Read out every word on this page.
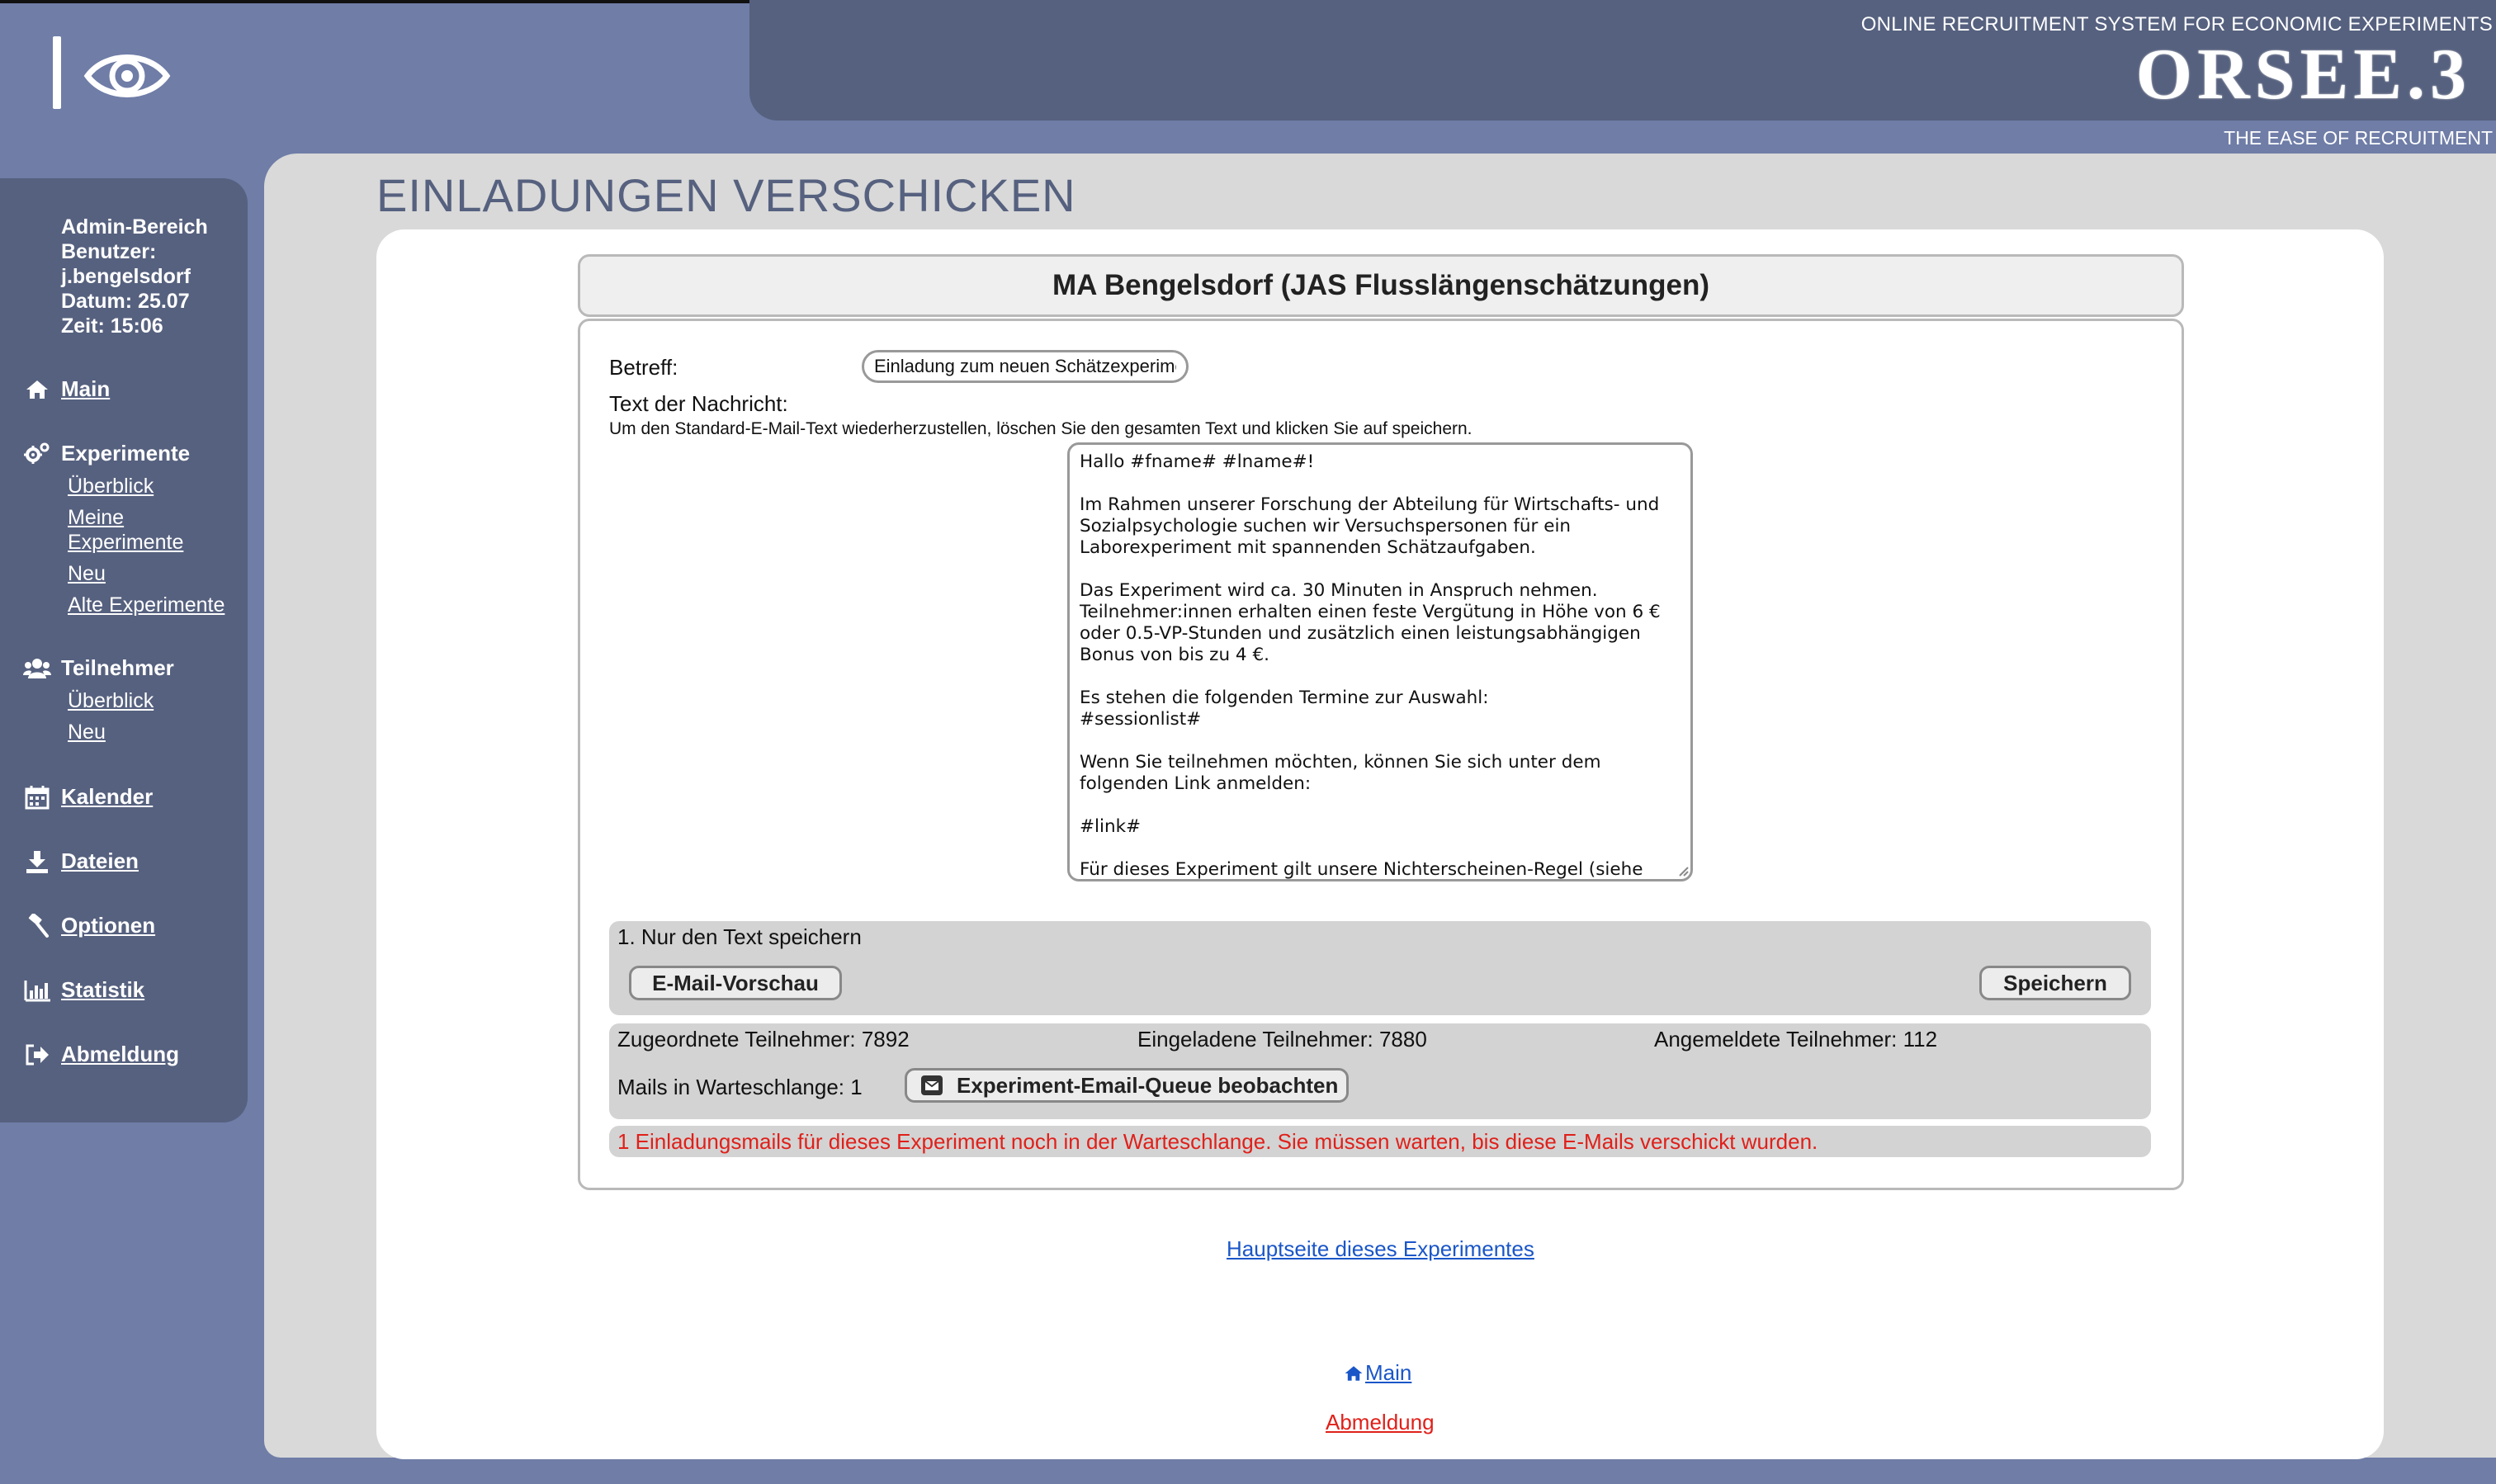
ONLINE RECRUITMENT SYSTEM FOR ECONOMIC EXPERIMENTS
ORSEE.3
THE EASE OF RECRUITMENT
Admin-Bereich
Benutzer:
j.bengelsdorf
Datum: 25.07
Zeit: 15:06
Main
Experimente
Überblick
Meine
Experimente
Neu
Alte Experimente
Teilnehmer
Überblick
Neu
Kalender
Dateien
Optionen
Statistik
Abmeldung
EINLADUNGEN VERSCHICKEN
MA Bengelsdorf (JAS Flusslängenschätzungen)
Betreff:
Einladung zum neuen Schätzexperiment
Text der Nachricht:
Um den Standard-E-Mail-Text wiederherzustellen, löschen Sie den gesamten Text und klicken Sie auf speichern.
Hallo #fname# #lname#! Im Rahmen unserer Forschung der Abteilung für Wirtschafts- und Sozialpsychologie suchen wir Versuchspersonen für ein Laborexperiment mit spannenden Schätzaufgaben. Das Experiment wird ca. 30 Minuten in Anspruch nehmen. Teilnehmer:innen erhalten einen feste Vergütung in Höhe von 6 € oder 0.5-VP-Stunden und zusätzlich einen leistungsabhängigen Bonus von bis zu 4 €. Es stehen die folgenden Termine zur Auswahl: #sessionlist# Wenn Sie teilnehmen möchten, können Sie sich unter dem folgenden Link anmelden: #link# Für dieses Experiment gilt unsere Nichterscheinen-Regel (siehe FAQ
1. Nur den Text speichern
E-Mail-Vorschau	Speichern
Zugeordnete Teilnehmer: 7892	Eingeladene Teilnehmer: 7880	Angemeldete Teilnehmer: 112
Mails in Warteschlange: 1	Experiment-Email-Queue beobachten
1 Einladungsmails für dieses Experiment noch in der Warteschlange. Sie müssen warten, bis diese E-Mails verschickt wurden.
Hauptseite dieses Experimentes
Main
Abmeldung
